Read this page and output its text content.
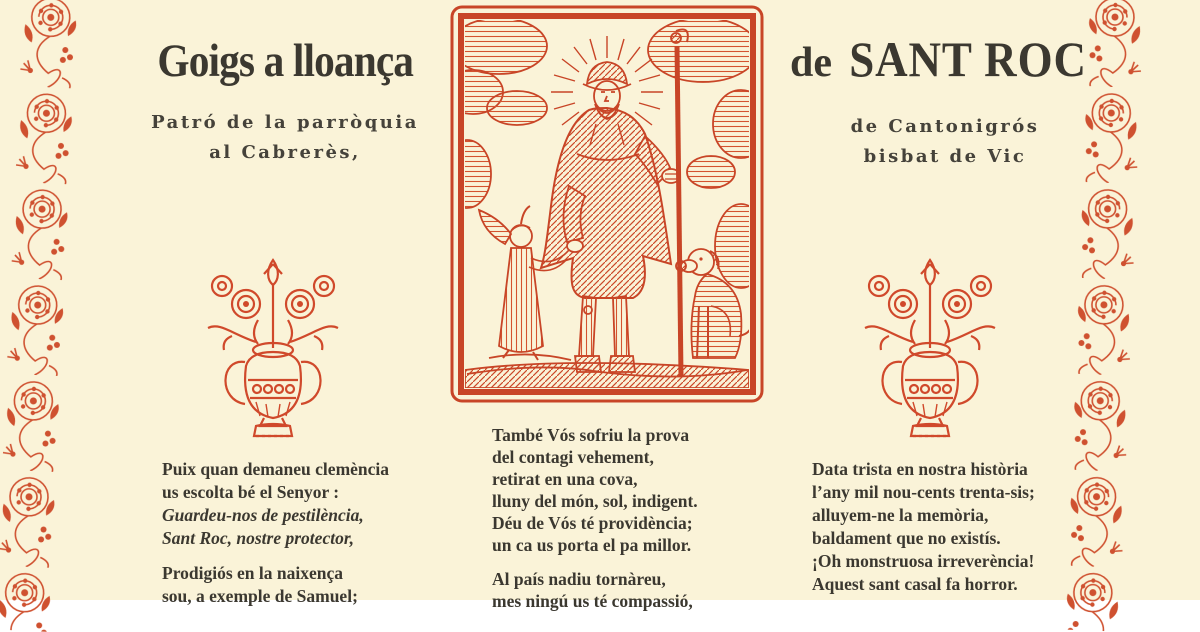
Goigs a lloança
Patró de la parròquia
al Cabrerès,
de SANT ROC
de Cantonigrós
bisbat de Vic
Puix quan demaneu clemència
us escolta bé el Senyor :
Guardeu-nos de pestilència,
Sant Roc, nostre protector,
Prodigiós en la naixença
sou, a exemple de Samuel;
També Vós sofriu la prova
del contagi vehement,
retirat en una cova,
lluny del món, sol, indigent.
Déu de Vós té providència;
un ca us porta el pa millor.
Al país nadiu tornàreu,
mes ningú us té compassió,
Data trista en nostra història
l’any mil nou-cents trenta-sis;
alluyem-ne la memòria,
baldament que no existís.
¡Oh monstruosa irreverència!
Aquest sant casal fa horror.
